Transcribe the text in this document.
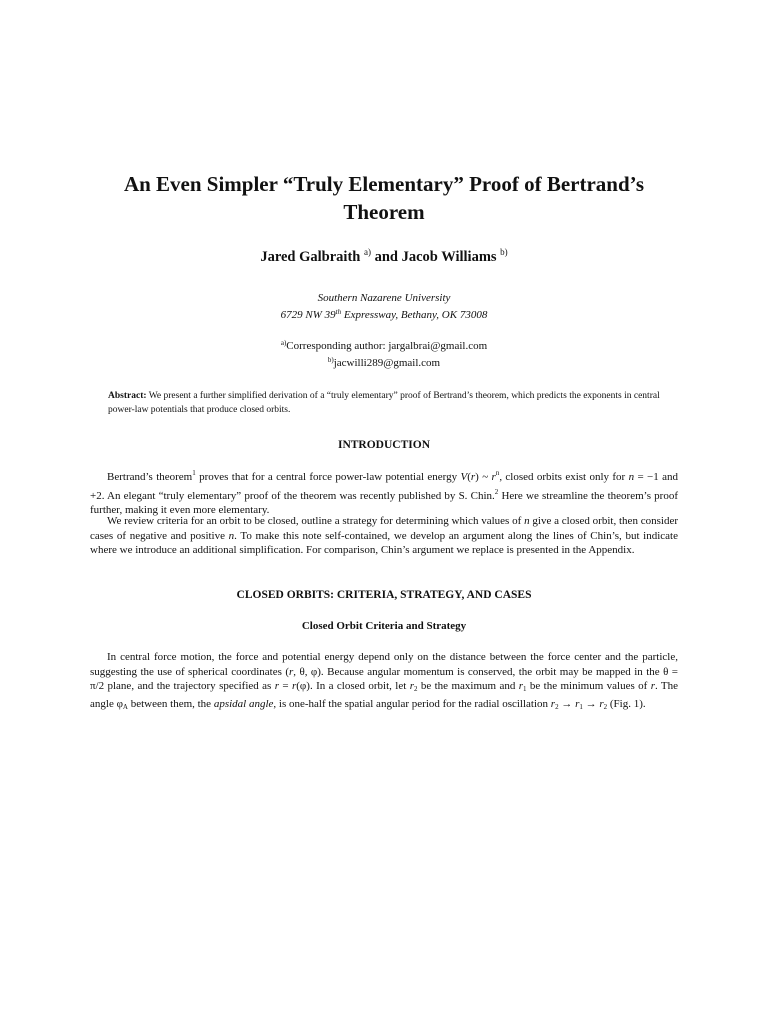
An Even Simpler “Truly Elementary” Proof of Bertrand’s Theorem
Jared Galbraith $^{a)}$ and Jacob Williams $^{b)}$
Southern Nazarene University
6729 NW 39th Expressway, Bethany, OK 73008
$^{a)}$Corresponding author: jargalbrai@gmail.com
$^{b)}$jacwilli289@gmail.com
Abstract: We present a further simplified derivation of a “truly elementary” proof of Bertrand’s theorem, which predicts the exponents in central power-law potentials that produce closed orbits.
INTRODUCTION
Bertrand’s theorem$^1$ proves that for a central force power-law potential energy V(r) ~ $r^n$, closed orbits exist only for n = −1 and +2. An elegant “truly elementary” proof of the theorem was recently published by S. Chin.$^2$ Here we streamline the theorem’s proof further, making it even more elementary.
We review criteria for an orbit to be closed, outline a strategy for determining which values of n give a closed orbit, then consider cases of negative and positive n. To make this note self-contained, we develop an argument along the lines of Chin’s, but indicate where we introduce an additional simplification. For comparison, Chin’s argument we replace is presented in the Appendix.
CLOSED ORBITS: CRITERIA, STRATEGY, AND CASES
Closed Orbit Criteria and Strategy
In central force motion, the force and potential energy depend only on the distance between the force center and the particle, suggesting the use of spherical coordinates (r, θ, φ). Because angular momentum is conserved, the orbit may be mapped in the θ = π/2 plane, and the trajectory specified as r = r(φ). In a closed orbit, let $r_2$ be the maximum and $r_1$ be the minimum values of r. The angle $\varphi_A$ between them, the apsidal angle, is one-half the spatial angular period for the radial oscillation $r_2 \to r_1 \to r_2$ (Fig. 1).
